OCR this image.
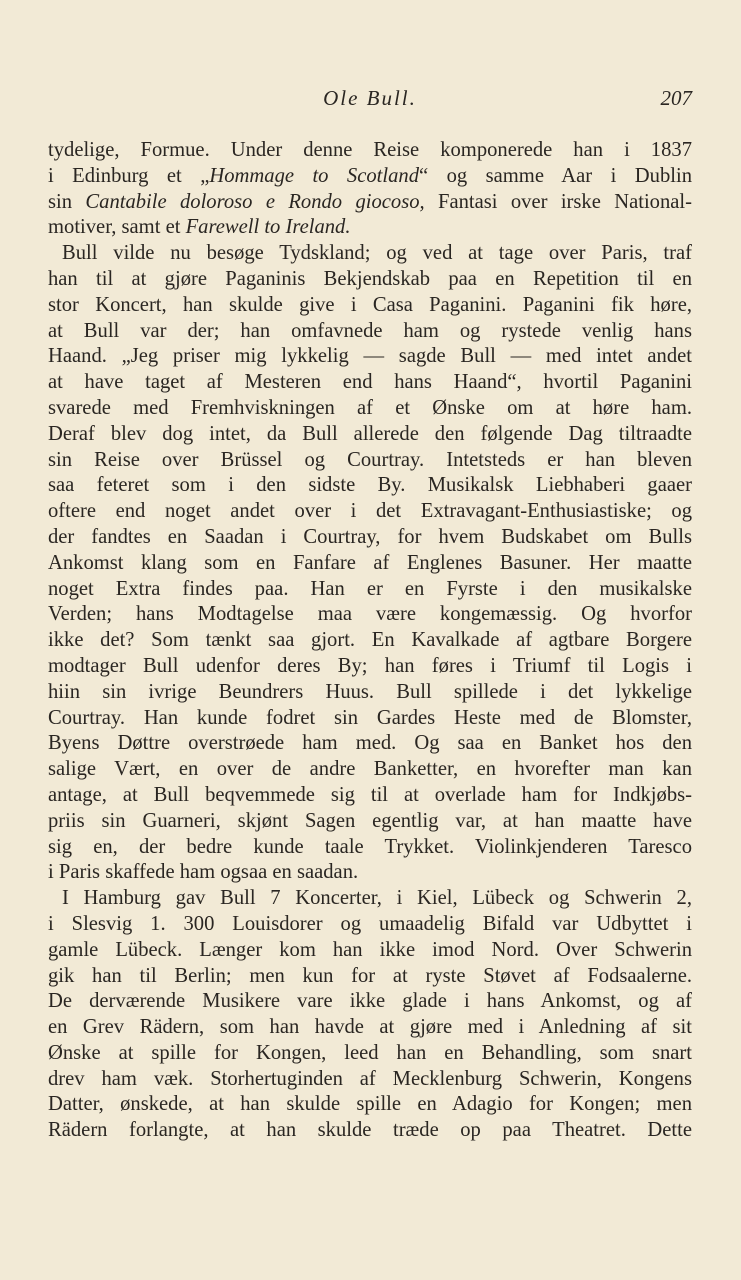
Ole Bull.	207
tydelige, Formue. Under denne Reise komponerede han i 1837
i Edinburg et „Hommage to Scotland“ og samme Aar i Dublin
sin Cantabile doloroso e Rondo giocoso, Fantasi over irske National-
motiver, samt et Farewell to Ireland.
Bull vilde nu besøge Tydskland; og ved at tage over Paris, traf
han til at gjøre Paganinis Bekjendskab paa en Repetition til en
stor Koncert, han skulde give i Casa Paganini. Paganini fik høre,
at Bull var der; han omfavnede ham og rystede venlig hans
Haand. „Jeg priser mig lykkelig — sagde Bull — med intet andet
at have taget af Mesteren end hans Haand“, hvortil Paganini
svarede med Fremhviskningen af et Ønske om at høre ham.
Deraf blev dog intet, da Bull allerede den følgende Dag tiltraadte
sin Reise over Brüssel og Courtray. Intetsteds er han bleven
saa feteret som i den sidste By. Musikalsk Liebhaberi gaaer
oftere end noget andet over i det Extravagant-Enthusiastiske; og
der fandtes en Saadan i Courtray, for hvem Budskabet om Bulls
Ankomst klang som en Fanfare af Englenes Basuner. Her maatte
noget Extra findes paa. Han er en Fyrste i den musikalske
Verden; hans Modtagelse maa være kongemæssig. Og hvorfor
ikke det? Som tænkt saa gjort. En Kavalkade af agtbare Borgere
modtager Bull udenfor deres By; han føres i Triumf til Logis i
hiin sin ivrige Beundrers Huus. Bull spillede i det lykkelige
Courtray. Han kunde fodret sin Gardes Heste med de Blomster,
Byens Døttre overstrøede ham med. Og saa en Banket hos den
salige Vært, en over de andre Banketter, en hvorefter man kan
antage, at Bull beqvemmede sig til at overlade ham for Indkjøbs-
priis sin Guarneri, skjønt Sagen egentlig var, at han maatte have
sig en, der bedre kunde taale Trykket. Violinkjenderen Taresco
i Paris skaffede ham ogsaa en saadan.
I Hamburg gav Bull 7 Koncerter, i Kiel, Lübeck og Schwerin 2,
i Slesvig 1. 300 Louisdorer og umaadelig Bifald var Udbyttet i
gamle Lübeck. Længer kom han ikke imod Nord. Over Schwerin
gik han til Berlin; men kun for at ryste Støvet af Fodsaalerne.
De derværende Musikere vare ikke glade i hans Ankomst, og af
en Grev Rädern, som han havde at gjøre med i Anledning af sit
Ønske at spille for Kongen, leed han en Behandling, som snart
drev ham væk. Storhertuginden af Mecklenburg Schwerin, Kongens
Datter, ønskede, at han skulde spille en Adagio for Kongen; men
Rädern forlangte, at han skulde træde op paa Theatret. Dette
